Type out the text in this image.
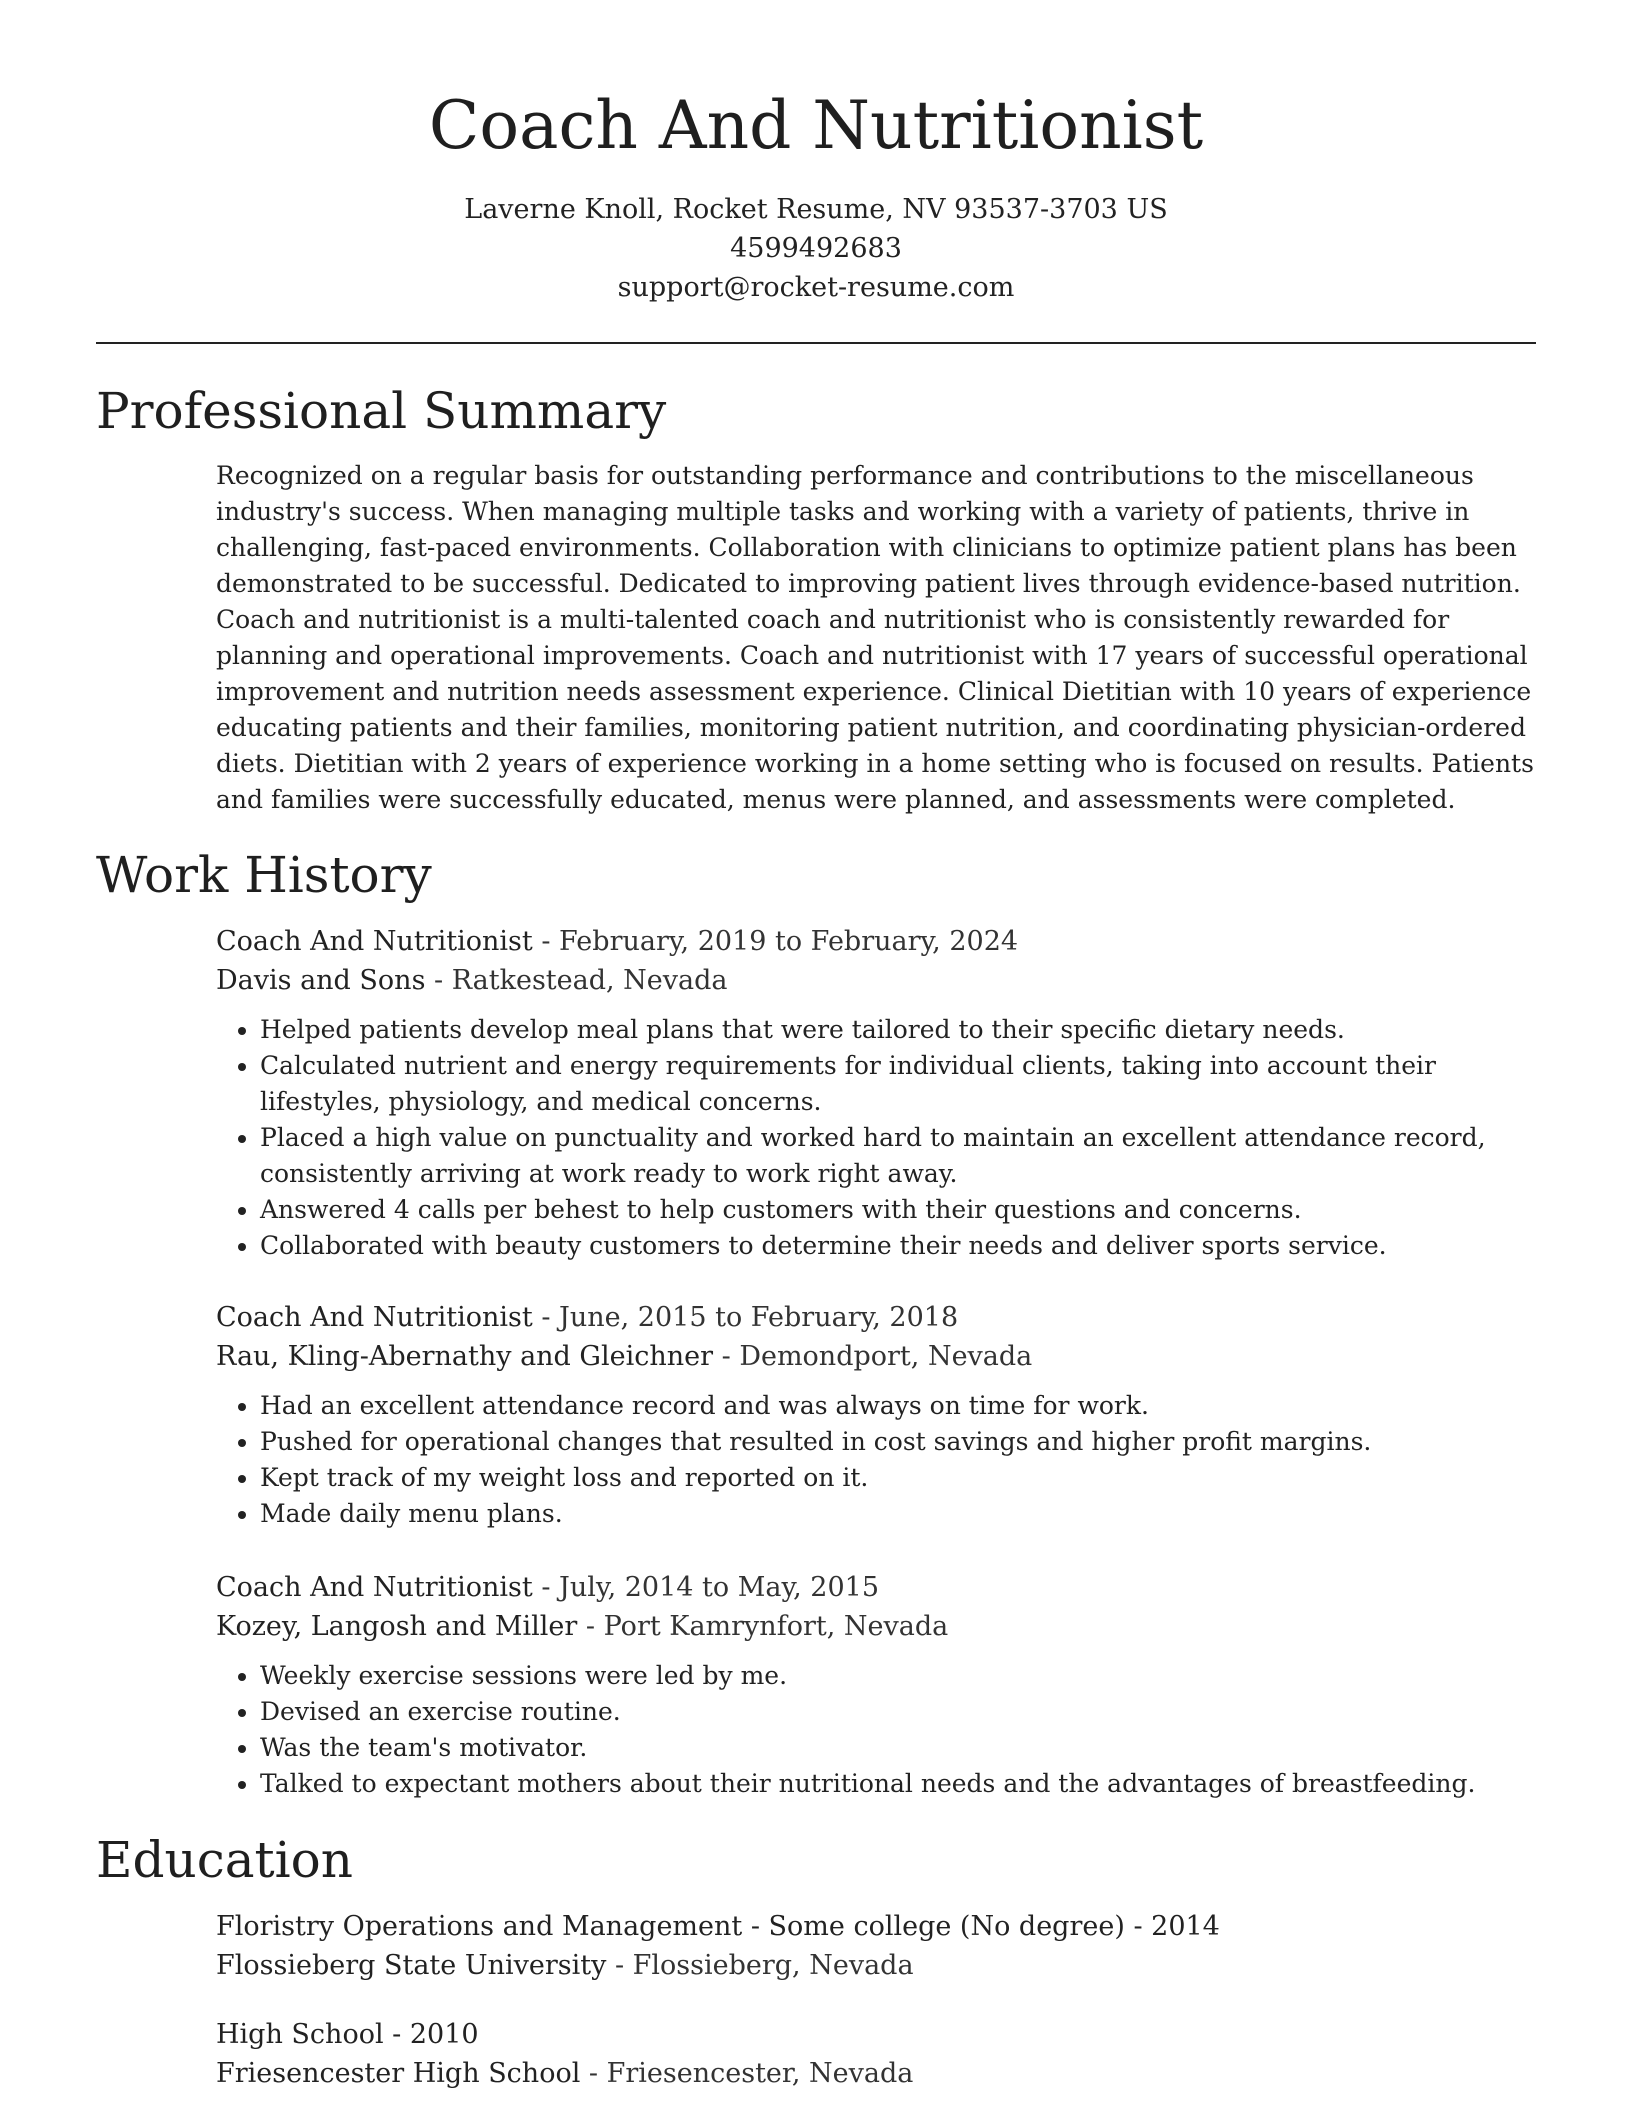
Coach And Nutritionist
Laverne Knoll, Rocket Resume, NV 93537-3703 US
4599492683
support@rocket-resume.com
Professional Summary

Recognized on a regular basis for outstanding performance and contributions to the miscellaneous industry's success. When managing multiple tasks and working with a variety of patients, thrive in challenging, fast-paced environments. Collaboration with clinicians to optimize patient plans has been demonstrated to be successful. Dedicated to improving patient lives through evidence-based nutrition. Coach and nutritionist is a multi-talented coach and nutritionist who is consistently rewarded for planning and operational improvements. Coach and nutritionist with 17 years of successful operational improvement and nutrition needs assessment experience. Clinical Dietitian with 10 years of experience educating patients and their families, monitoring patient nutrition, and coordinating physician-ordered diets. Dietitian with 2 years of experience working in a home setting who is focused on results. Patients and families were successfully educated, menus were planned, and assessments were completed.

Work History
Coach And Nutritionist - February, 2019 to February, 2024
Davis and Sons - Ratkestead, Nevada
• Helped patients develop meal plans that were tailored to their specific dietary needs.
• Calculated nutrient and energy requirements for individual clients, taking into account their lifestyles, physiology, and medical concerns.
• Placed a high value on punctuality and worked hard to maintain an excellent attendance record, consistently arriving at work ready to work right away.
• Answered 4 calls per behest to help customers with their questions and concerns.
• Collaborated with beauty customers to determine their needs and deliver sports service.
Coach And Nutritionist - June, 2015 to February, 2018
Rau, Kling-Abernathy and Gleichner - Demondport, Nevada
• Had an excellent attendance record and was always on time for work.
• Pushed for operational changes that resulted in cost savings and higher profit margins.
• Kept track of my weight loss and reported on it.
• Made daily menu plans.
Coach And Nutritionist - July, 2014 to May, 2015
Kozey, Langosh and Miller - Port Kamrynfort, Nevada
• Weekly exercise sessions were led by me.
• Devised an exercise routine.
• Was the team's motivator.
• Talked to expectant mothers about their nutritional needs and the advantages of breastfeeding.
Education
Floristry Operations and Management - Some college (No degree) - 2014
Flossieberg State University - Flossieberg, Nevada
High School - 2010
Friesencester High School - Friesencester, Nevada
